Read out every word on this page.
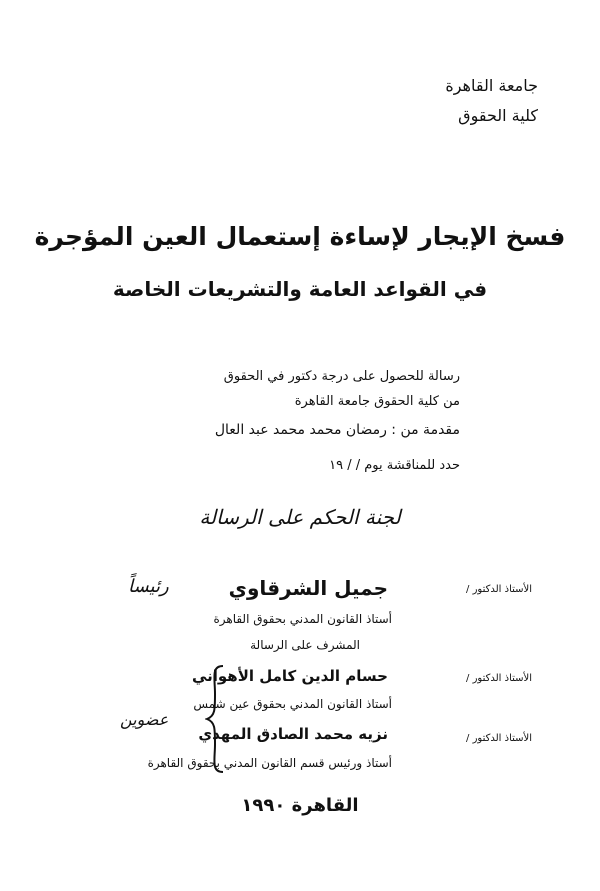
جامعة القاهرة
كلية الحقوق
فسخ الإيجار لإساءة إستعمال العين المؤجرة
في القواعد العامة والتشريعات الخاصة
رسالة للحصول على درجة دكتور في الحقوق
من كلية الحقوق جامعة القاهرة
مقدمة من : رمضان محمد محمد عبد العال
حدد للمناقشة يوم / / ١٩
لجنة الحكم على الرسالة
الأستاذ الدكتور /
جميل الشرقاوي
أستاذ القانون المدني بحقوق القاهرة
المشرف على الرسالة
رئيساً
الأستاذ الدكتور /
حسام الدين كامل الأهواني
أستاذ القانون المدني بحقوق عين شمس
الأستاذ الدكتور /
نزيه محمد الصادق المهدي
أستاذ ورئيس قسم القانون المدني بحقوق القاهرة
عضوين
القاهرة ١٩٩٠
